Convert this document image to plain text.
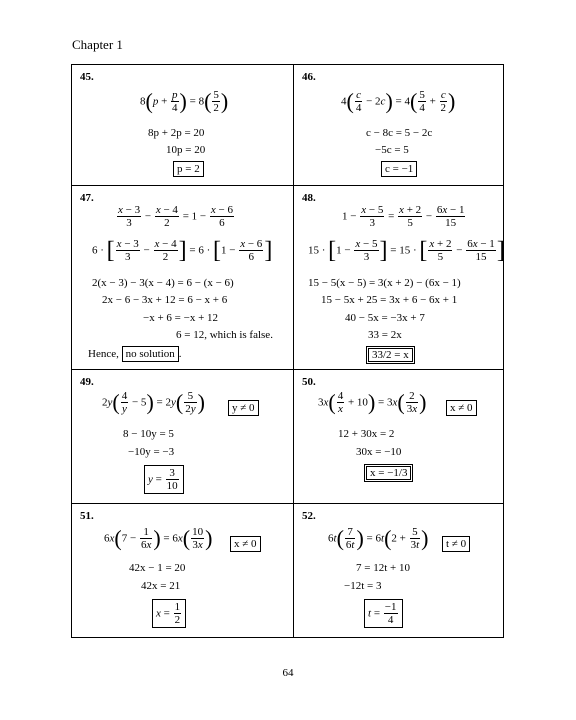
Chapter 1
45.
$8(p + \frac{p}{4}$ ) = $8( \frac{5}{2}$ )
8p + 2p = 20
10p = 20
p = 2
46.
$4( \frac{c}{4} - 2c) = 4( \frac{5}{4} + \frac{c}{2}$ )
c − 8c = 5 − 2c
−5c = 5
c = −1
47.
$\frac{x - 3}{3} - \frac{x - 4}{2} = 1 - \frac{x - 6}{6}$
6 · [ $\frac{x - 3}{3} - \frac{x - 4}{2}$ ] = $6 \cdot [1 - \frac{x - 6}{6}$ ]
2(x − 3) − 3(x − 4) = 6 − (x − 6)
2x − 6 − 3x + 12 = 6 − x + 6
−x + 6 = −x + 12
6 = 12, which is false.
Hence, no solution .
48.
$1 - \frac{x - 5}{3} = \frac{x + 2}{5} - \frac{6x - 1}{15}$
$15 \cdot [1 - \frac{x - 5}{3}$ ] = 15 · [ $\frac{x + 2}{5} - \frac{6x - 1}{15}$ ]
15 − 5(x − 5) = 3(x + 2) − (6x − 1)
15 − 5x + 25 = 3x + 6 − 6x + 1
40 − 5x = −3x + 7
33 = 2x
33/2 = x
49.
$2y( \frac{4}{y} - 5) = 2y( \frac{5}{2y}$ )	y ≠ 0
8 − 10y = 5
−10y = −3
$y = \frac{3}{10}$
50.
$3x( \frac{4}{x} + 10) = 3x( \frac{2}{3x}$ )	x ≠ 0
12 + 30x = 2
30x = −10
x = −1/3
51.
$6x(7 - \frac{1}{6x}$ ) = $6x( \frac{10}{3x}$ )	x ≠ 0
42x − 1 = 20
42x = 21
$x = \frac{1}{2}$
52.
$6t( \frac{7}{6t}$ ) = $6t(2 + \frac{5}{3t}$ )	t ≠ 0
7 = 12t + 10
−12t = 3
$t = \frac{-1}{4}$
64
